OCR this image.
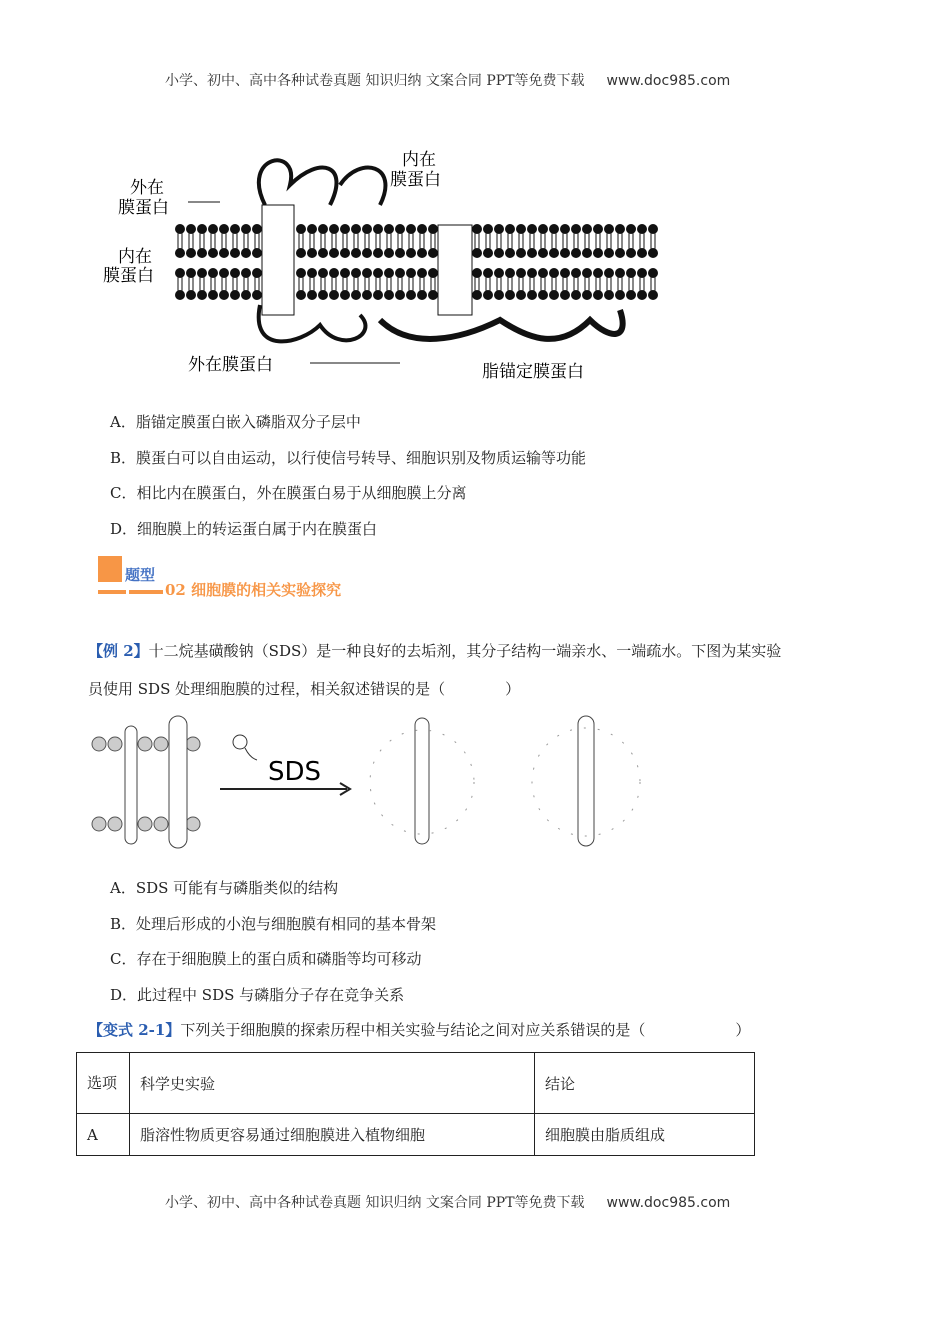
小学、初中、高中各种试卷真题 知识归纳 文案合同 PPT等免费下载 www.doc985.com
外在
膜蛋白
内在
膜蛋白
内在
膜蛋白
外在膜蛋白	脂锚定膜蛋白
A．脂锚定膜蛋白嵌入磷脂双分子层中
B．膜蛋白可以自由运动，以行使信号转导、细胞识别及物质运输等功能
C．相比内在膜蛋白，外在膜蛋白易于从细胞膜上分离
D．细胞膜上的转运蛋白属于内在膜蛋白
题型
02 细胞膜的相关实验探究
【例 2】十二烷基磺酸钠（SDS）是一种良好的去垢剂，其分子结构一端亲水、一端疏水。下图为某实验
员使用 SDS 处理细胞膜的过程，相关叙述错误的是（　　　　）
SDS
A．SDS 可能有与磷脂类似的结构
B．处理后形成的小泡与细胞膜有相同的基本骨架
C．存在于细胞膜上的蛋白质和磷脂等均可移动
D．此过程中 SDS 与磷脂分子存在竞争关系
【变式 2-1】下列关于细胞膜的探索历程中相关实验与结论之间对应关系错误的是（　　　　　　）
选项	科学史实验	结论
A	脂溶性物质更容易通过细胞膜进入植物细胞	细胞膜由脂质组成
小学、初中、高中各种试卷真题 知识归纳 文案合同 PPT等免费下载 www.doc985.com
